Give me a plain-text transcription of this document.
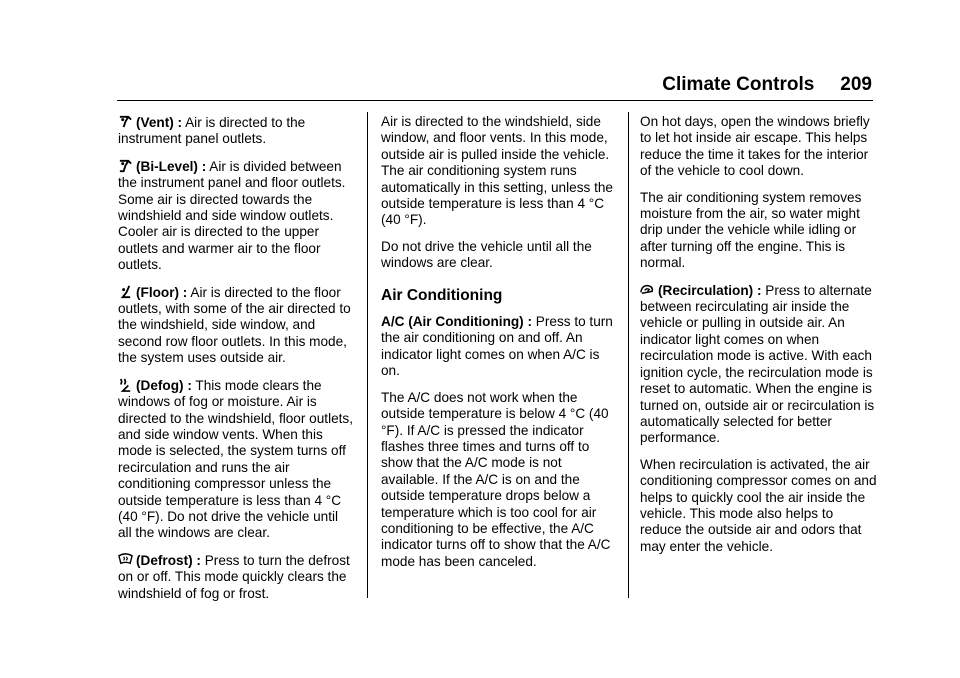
Climate Controls 209

(Vent) : Air is directed to the instrument panel outlets.

(Bi-Level) : Air is divided between the instrument panel and floor outlets. Some air is directed towards the windshield and side window outlets. Cooler air is directed to the upper outlets and warmer air to the floor outlets.

(Floor) : Air is directed to the floor outlets, with some of the air directed to the windshield, side window, and second row floor outlets. In this mode, the system uses outside air.

(Defog) : This mode clears the windows of fog or moisture. Air is directed to the windshield, floor outlets, and side window vents. When this mode is selected, the system turns off recirculation and runs the air conditioning compressor unless the outside temperature is less than 4 °C (40 °F). Do not drive the vehicle until all the windows are clear.

(Defrost) : Press to turn the defrost on or off. This mode quickly clears the windshield of fog or frost.

Air is directed to the windshield, side window, and floor vents. In this mode, outside air is pulled inside the vehicle. The air conditioning system runs automatically in this setting, unless the outside temperature is less than 4 °C (40 °F).

Do not drive the vehicle until all the windows are clear.

Air Conditioning

A/C (Air Conditioning) : Press to turn the air conditioning on and off. An indicator light comes on when A/C is on.

The A/C does not work when the outside temperature is below 4 °C (40 °F). If A/C is pressed the indicator flashes three times and turns off to show that the A/C mode is not available. If the A/C is on and the outside temperature drops below a temperature which is too cool for air conditioning to be effective, the A/C indicator turns off to show that the A/C mode has been canceled.

On hot days, open the windows briefly to let hot inside air escape. This helps reduce the time it takes for the interior of the vehicle to cool down.

The air conditioning system removes moisture from the air, so water might drip under the vehicle while idling or after turning off the engine. This is normal.

(Recirculation) : Press to alternate between recirculating air inside the vehicle or pulling in outside air. An indicator light comes on when recirculation mode is active. With each ignition cycle, the recirculation mode is reset to automatic. When the engine is turned on, outside air or recirculation is automatically selected for better performance.

When recirculation is activated, the air conditioning compressor comes on and helps to quickly cool the air inside the vehicle. This mode also helps to reduce the outside air and odors that may enter the vehicle.
